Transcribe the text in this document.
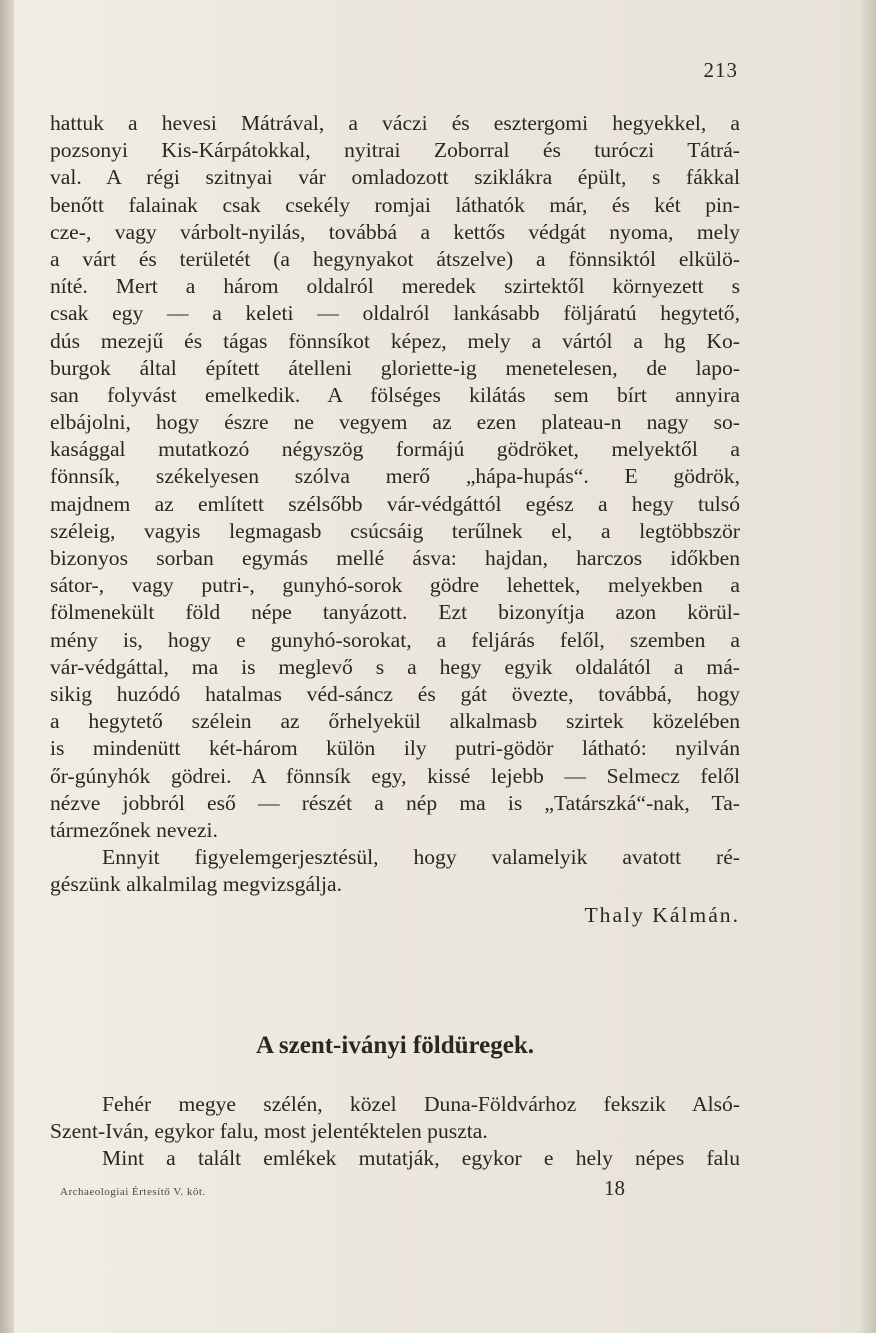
213
hattuk a hevesi Mátrával, a váczi és esztergomi hegyekkel, a
pozsonyi Kis-Kárpátokkal, nyitrai Zoborral és turóczi Tátrá-
val. A régi szitnyai vár omladozott sziklákra épült, s fákkal
benőtt falainak csak csekély romjai láthatók már, és két pin-
cze-, vagy várbolt-nyilás, továbbá a kettős védgát nyoma, mely
a várt és területét (a hegynyakot átszelve) a fönnsiktól elkülö-
níté. Mert a három oldalról meredek szirtektől környezett s
csak egy — a keleti — oldalról lankásabb följáratú hegytető,
dús mezejű és tágas fönnsíkot képez, mely a vártól a hg Ko-
burgok által épített átelleni gloriette-ig menetelesen, de lapo-
san folyvást emelkedik. A fölséges kilátás sem bírt annyira
elbájolni, hogy észre ne vegyem az ezen plateau-n nagy so-
kasággal mutatkozó négyszög formájú gödröket, melyektől a
fönnsík, székelyesen szólva merő „hápa-hupás“. E gödrök,
majdnem az említett szélsőbb vár-védgáttól egész a hegy tulsó
széleig, vagyis legmagasb csúcsáig terűlnek el, a legtöbbször
bizonyos sorban egymás mellé ásva: hajdan, harczos időkben
sátor-, vagy putri-, gunyhó-sorok gödre lehettek, melyekben a
fölmenekült föld népe tanyázott. Ezt bizonyítja azon körül-
mény is, hogy e gunyhó-sorokat, a feljárás felől, szemben a
vár-védgáttal, ma is meglevő s a hegy egyik oldalától a má-
sikig huzódó hatalmas véd-sáncz és gát övezte, továbbá, hogy
a hegytető szélein az őrhelyekül alkalmasb szirtek közelében
is mindenütt két-három külön ily putri-gödör látható: nyilván
őr-gúnyhók gödrei. A fönnsík egy, kissé lejebb — Selmecz felől
nézve jobbról eső — részét a nép ma is „Tatárszká“-nak, Ta-
tármezőnek nevezi.
Ennyit figyelemgerjesztésül, hogy valamelyik avatott ré-
gészünk alkalmilag megvizsgálja.
Thaly Kálmán.
A szent-iványi földüregek.
Fehér megye szélén, közel Duna-Földvárhoz fekszik Alsó-
Szent-Iván, egykor falu, most jelentéktelen puszta.
Mint a talált emlékek mutatják, egykor e hely népes falu
Archaeologiai Értesítő V. köt.	18
